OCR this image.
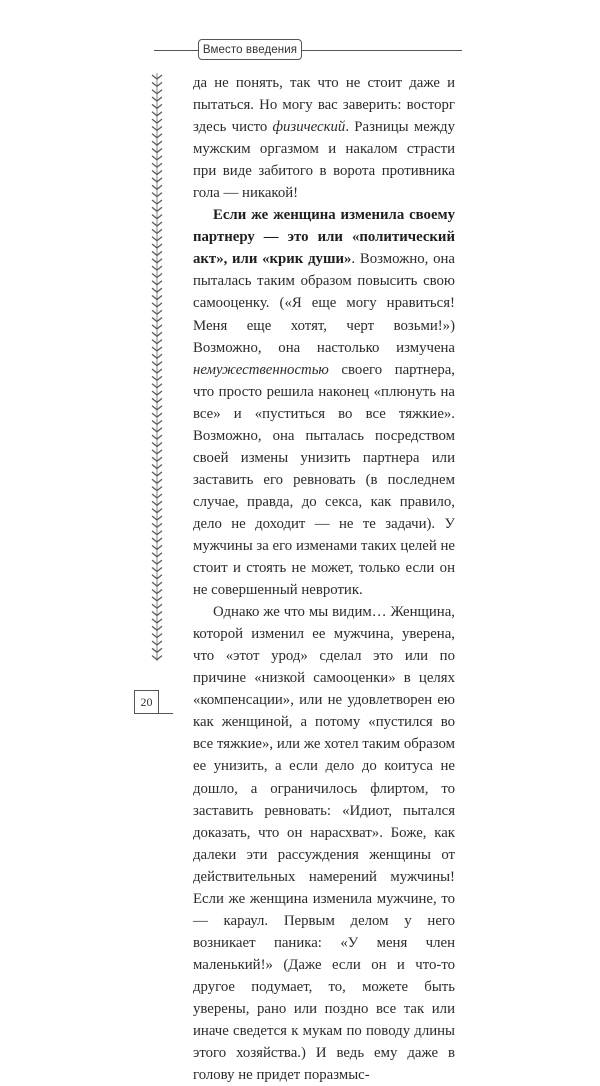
Вместо введения

да не понять, так что не стоит даже и пытаться. Но могу вас заверить: восторг здесь чисто физический. Разницы между мужским оргазмом и накалом страсти при виде забитого в ворота противника гола — никакой!

Если же женщина изменила своему партнеру — это или «политический акт», или «крик души». Возможно, она пыталась таким образом повысить свою самооценку. («Я еще могу нравиться! Меня еще хотят, черт возьми!») Возможно, она настолько измучена немужественностью своего партнера, что просто решила наконец «плюнуть на все» и «пуститься во все тяжкие». Возможно, она пыталась посредством своей измены унизить партнера или заставить его ревновать (в последнем случае, правда, до секса, как правило, дело не доходит — не те задачи). У мужчины за его изменами таких целей не стоит и стоять не может, только если он не совершенный невротик.

Однако же что мы видим… Женщина, которой изменил ее мужчина, уверена, что «этот урод» сделал это или по причине «низкой самооценки» в целях «компенсации», или не удовлетворен ею как женщиной, а потому «пустился во все тяжкие», или же хотел таким образом ее унизить, а если дело до коитуса не дошло, а ограничилось флиртом, то заставить ревновать: «Идиот, пытался доказать, что он нарасхват». Боже, как далеки эти рассуждения женщины от действительных намерений мужчины! Если же женщина изменила мужчине, то — караул. Первым делом у него возникает паника: «У меня член маленький!» (Даже если он и что-то другое подумает, то, можете быть уверены, рано или поздно все так или иначе сведется к мукам по поводу длины этого хозяйства.) И ведь ему даже в голову не придет поразмыс-

20
